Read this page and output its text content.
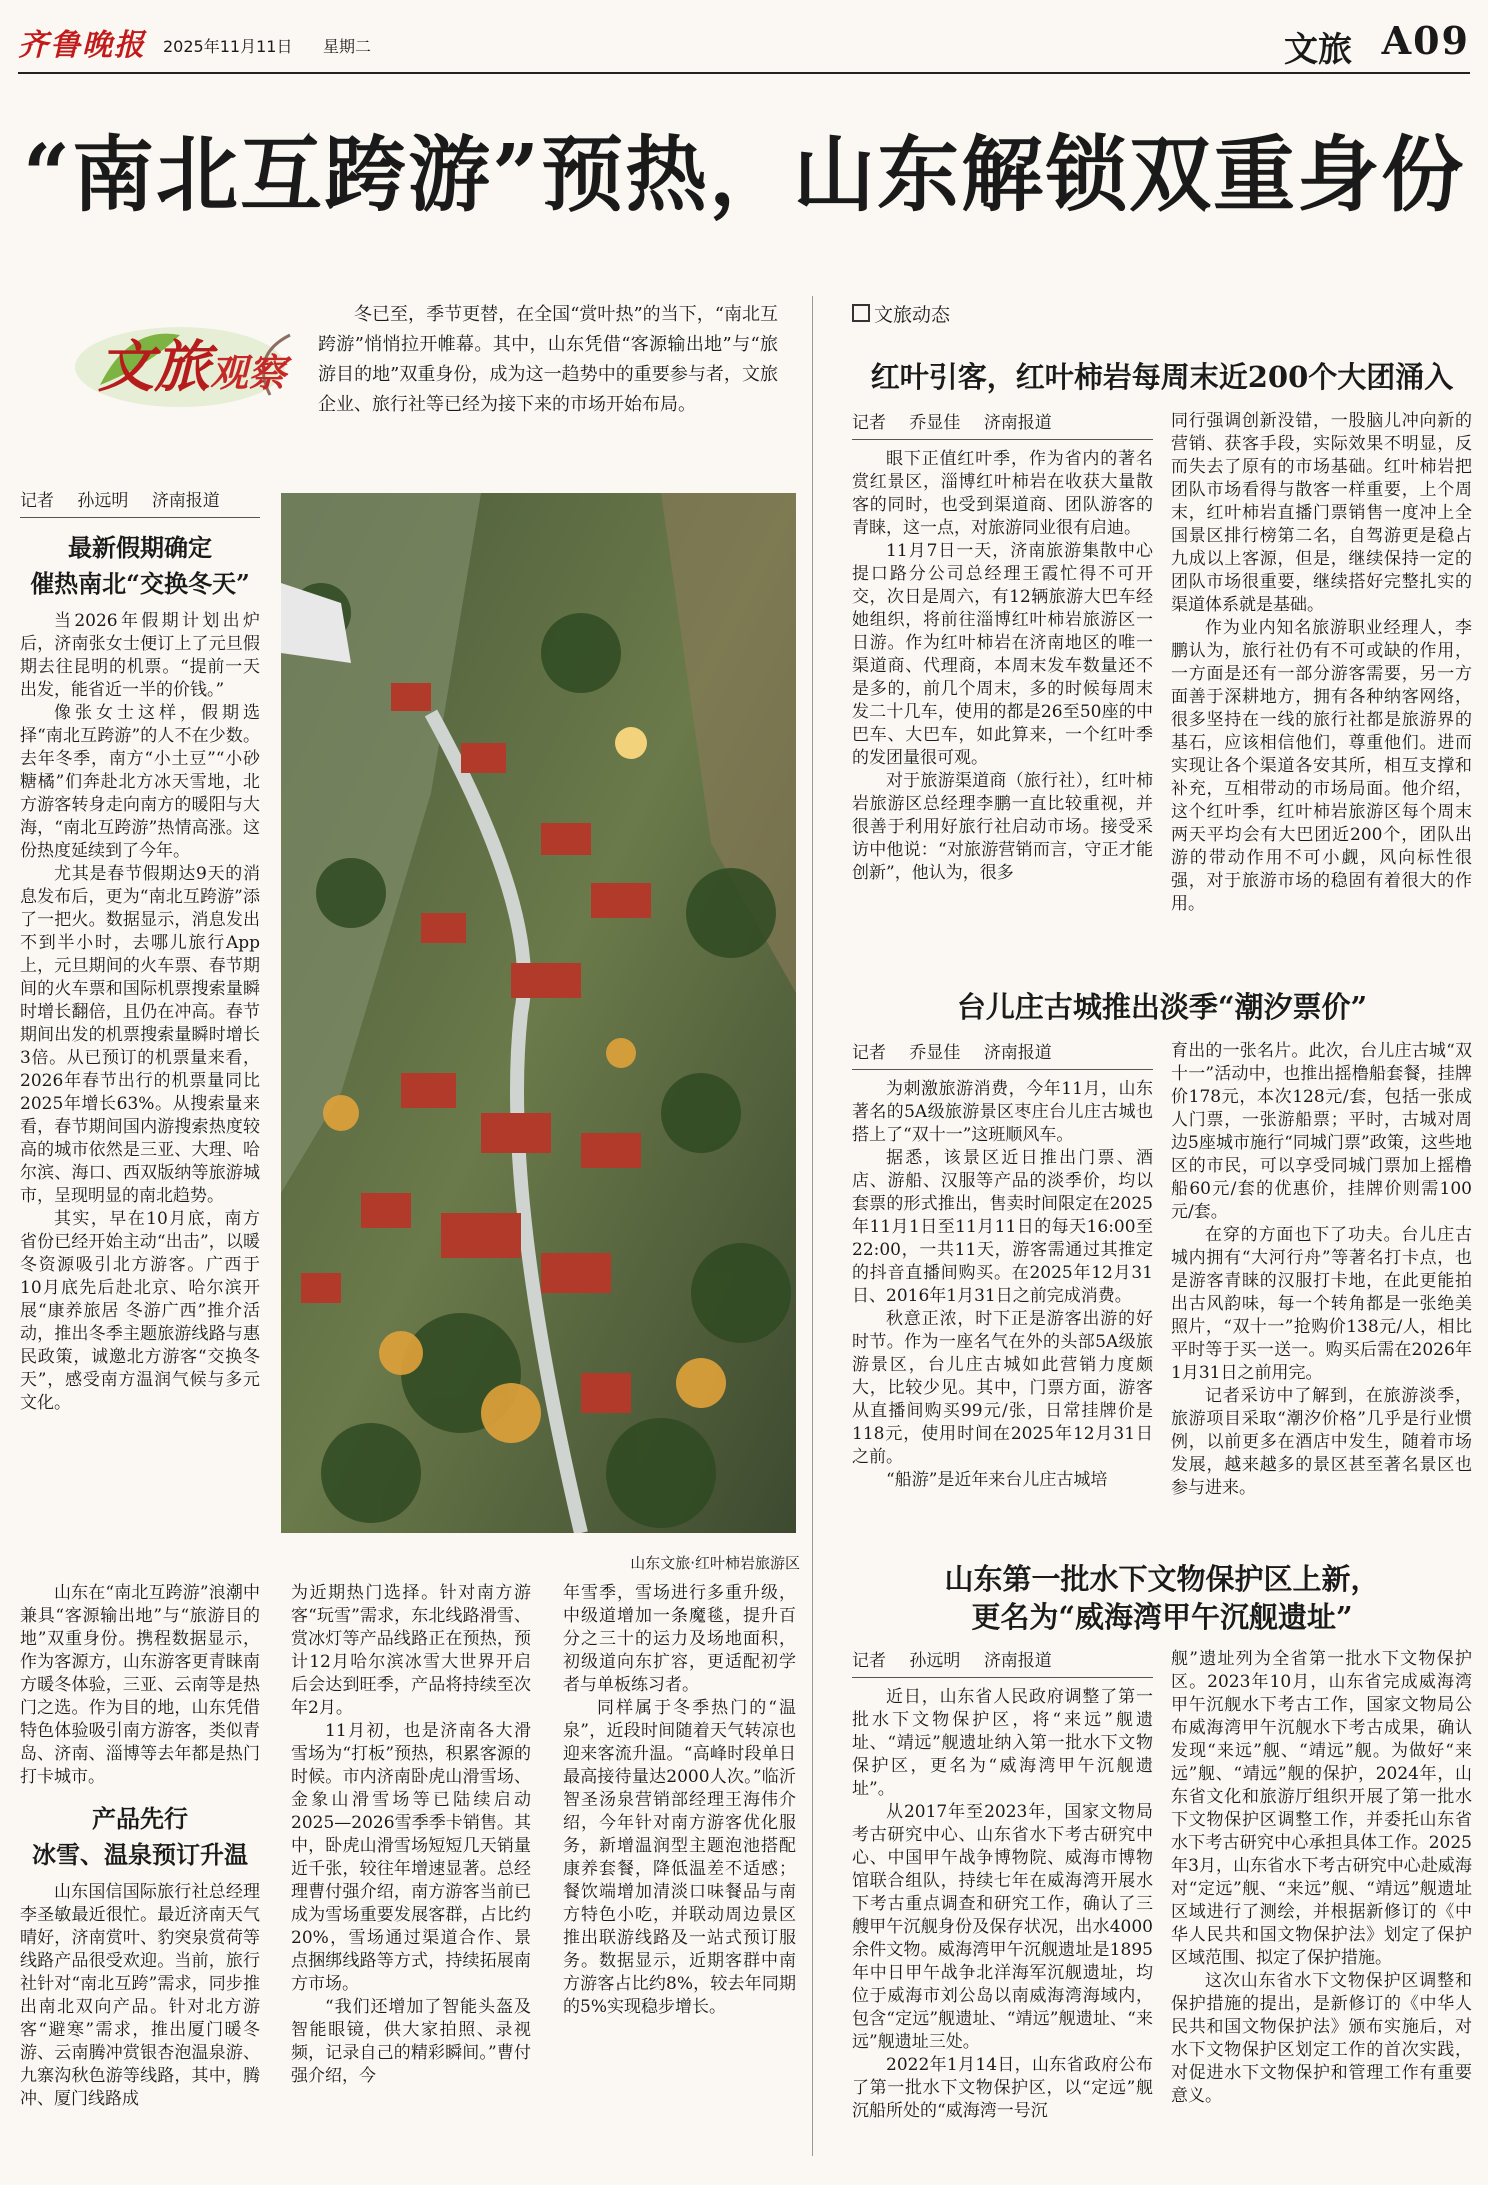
齐鲁晚报 2025年11月11日 星期二	文旅 A09
“南北互跨游”预热，山东解锁双重身份
文旅观察
冬已至，季节更替，在全国“赏叶热”的当下，“南北互跨游”悄悄拉开帷幕。其中，山东凭借“客源输出地”与“旅游目的地”双重身份，成为这一趋势中的重要参与者，文旅企业、旅行社等已经为接下来的市场开始布局。
记者 孙远明 济南报道
最新假期确定
催热南北“交换冬天”

当2026年假期计划出炉后，济南张女士便订上了元旦假期去往昆明的机票。“提前一天出发，能省近一半的价钱。”

像张女士这样，假期选择“南北互跨游”的人不在少数。去年冬季，南方“小土豆”“小砂糖橘”们奔赴北方冰天雪地，北方游客转身走向南方的暖阳与大海，“南北互跨游”热情高涨。这份热度延续到了今年。

尤其是春节假期达9天的消息发布后，更为“南北互跨游”添了一把火。数据显示，消息发出不到半小时，去哪儿旅行App上，元旦期间的火车票、春节期间的火车票和国际机票搜索量瞬时增长翻倍，且仍在冲高。春节期间出发的机票搜索量瞬时增长3倍。从已预订的机票量来看，2026年春节出行的机票量同比2025年增长63%。从搜索量来看，春节期间国内游搜索热度较高的城市依然是三亚、大理、哈尔滨、海口、西双版纳等旅游城市，呈现明显的南北趋势。

其实，早在10月底，南方省份已经开始主动“出击”，以暖冬资源吸引北方游客。广西于10月底先后赴北京、哈尔滨开展“康养旅居 冬游广西”推介活动，推出冬季主题旅游线路与惠民政策，诚邀北方游客“交换冬天”，感受南方温润气候与多元文化。

山东文旅·红叶柿岩旅游区

山东在“南北互跨游”浪潮中兼具“客源输出地”与“旅游目的地”双重身份。携程数据显示，作为客源方，山东游客更青睐南方暖冬体验，三亚、云南等是热门之选。作为目的地，山东凭借特色体验吸引南方游客，类似青岛、济南、淄博等去年都是热门打卡城市。

产品先行
冰雪、温泉预订升温

山东国信国际旅行社总经理李圣敏最近很忙。最近济南天气晴好，济南赏叶、豹突泉赏荷等线路产品很受欢迎。当前，旅行社针对“南北互跨”需求，同步推出南北双向产品。针对北方游客“避寒”需求，推出厦门暖冬游、云南腾冲赏银杏泡温泉游、九寨沟秋色游等线路，其中，腾冲、厦门线路成

为近期热门选择。针对南方游客“玩雪”需求，东北线路滑雪、赏冰灯等产品线路正在预热，预计12月哈尔滨冰雪大世界开启后会达到旺季，产品将持续至次年2月。

11月初，也是济南各大滑雪场为“打板”预热，积累客源的时候。市内济南卧虎山滑雪场、金象山滑雪场等已陆续启动2025—2026雪季季卡销售。其中，卧虎山滑雪场短短几天销量近千张，较往年增速显著。总经理曹付强介绍，南方游客当前已成为雪场重要发展客群，占比约20%，雪场通过渠道合作、景点捆绑线路等方式，持续拓展南方市场。

“我们还增加了智能头盔及智能眼镜，供大家拍照、录视频，记录自己的精彩瞬间。”曹付强介绍，今

年雪季，雪场进行多重升级，中级道增加一条魔毯，提升百分之三十的运力及场地面积，初级道向东扩容，更适配初学者与单板练习者。

同样属于冬季热门的“温泉”，近段时间随着天气转凉也迎来客流升温。“高峰时段单日最高接待量达2000人次。”临沂智圣汤泉营销部经理王海伟介绍，今年针对南方游客优化服务，新增温润型主题泡池搭配康养套餐，降低温差不适感；餐饮端增加清淡口味餐品与南方特色小吃，并联动周边景区推出联游线路及一站式预订服务。数据显示，近期客群中南方游客占比约8%，较去年同期的5%实现稳步增长。

文旅动态
红叶引客，红叶柿岩每周末近200个大团涌入
记者 乔显佳 济南报道

眼下正值红叶季，作为省内的著名赏红景区，淄博红叶柿岩在收获大量散客的同时，也受到渠道商、团队游客的青睐，这一点，对旅游同业很有启迪。

11月7日一天，济南旅游集散中心提口路分公司总经理王霞忙得不可开交，次日是周六，有12辆旅游大巴车经她组织，将前往淄博红叶柿岩旅游区一日游。作为红叶柿岩在济南地区的唯一渠道商、代理商，本周末发车数量还不是多的，前几个周末，多的时候每周末发二十几车，使用的都是26至50座的中巴车、大巴车，如此算来，一个红叶季的发团量很可观。

对于旅游渠道商（旅行社），红叶柿岩旅游区总经理李鹏一直比较重视，并很善于利用好旅行社启动市场。接受采访中他说：“对旅游营销而言，守正才能创新”，他认为，很多

同行强调创新没错，一股脑儿冲向新的营销、获客手段，实际效果不明显，反而失去了原有的市场基础。红叶柿岩把团队市场看得与散客一样重要，上个周末，红叶柿岩直播门票销售一度冲上全国景区排行榜第二名，自驾游更是稳占九成以上客源，但是，继续保持一定的团队市场很重要，继续搭好完整扎实的渠道体系就是基础。

作为业内知名旅游职业经理人，李鹏认为，旅行社仍有不可或缺的作用，一方面是还有一部分游客需要，另一方面善于深耕地方，拥有各种纳客网络，很多坚持在一线的旅行社都是旅游界的基石，应该相信他们，尊重他们。进而实现让各个渠道各安其所，相互支撑和补充，互相带动的市场局面。他介绍，这个红叶季，红叶柿岩旅游区每个周末两天平均会有大巴团近200个，团队出游的带动作用不可小觑，风向标性很强，对于旅游市场的稳固有着很大的作用。

台儿庄古城推出淡季“潮汐票价”
记者 乔显佳 济南报道

为刺激旅游消费，今年11月，山东著名的5A级旅游景区枣庄台儿庄古城也搭上了“双十一”这班顺风车。

据悉，该景区近日推出门票、酒店、游船、汉服等产品的淡季价，均以套票的形式推出，售卖时间限定在2025年11月1日至11月11日的每天16:00至22:00，一共11天，游客需通过其推定的抖音直播间购买。在2025年12月31日、2016年1月31日之前完成消费。

秋意正浓，时下正是游客出游的好时节。作为一座名气在外的头部5A级旅游景区，台儿庄古城如此营销力度颇大，比较少见。其中，门票方面，游客从直播间购买99元/张，日常挂牌价是118元，使用时间在2025年12月31日之前。

“船游”是近年来台儿庄古城培

育出的一张名片。此次，台儿庄古城“双十一”活动中，也推出摇橹船套餐，挂牌价178元，本次128元/套，包括一张成人门票，一张游船票；平时，古城对周边5座城市施行“同城门票”政策，这些地区的市民，可以享受同城门票加上摇橹船60元/套的优惠价，挂牌价则需100元/套。

在穿的方面也下了功夫。台儿庄古城内拥有“大河行舟”等著名打卡点，也是游客青睐的汉服打卡地，在此更能拍出古风韵味，每一个转角都是一张绝美照片，“双十一”抢购价138元/人，相比平时等于买一送一。购买后需在2026年1月31日之前用完。

记者采访中了解到，在旅游淡季，旅游项目采取“潮汐价格”几乎是行业惯例，以前更多在酒店中发生，随着市场发展，越来越多的景区甚至著名景区也参与进来。

山东第一批水下文物保护区上新，
更名为“威海湾甲午沉舰遗址”
记者 孙远明 济南报道

近日，山东省人民政府调整了第一批水下文物保护区，将“来远”舰遗址、“靖远”舰遗址纳入第一批水下文物保护区，更名为“威海湾甲午沉舰遗址”。

从2017年至2023年，国家文物局考古研究中心、山东省水下考古研究中心、中国甲午战争博物院、威海市博物馆联合组队，持续七年在威海湾开展水下考古重点调查和研究工作，确认了三艘甲午沉舰身份及保存状况，出水4000余件文物。威海湾甲午沉舰遗址是1895年中日甲午战争北洋海军沉舰遗址，均位于威海市刘公岛以南威海湾海域内，包含“定远”舰遗址、“靖远”舰遗址、“来远”舰遗址三处。

2022年1月14日，山东省政府公布了第一批水下文物保护区，以“定远”舰沉船所处的“威海湾一号沉

舰”遗址列为全省第一批水下文物保护区。2023年10月，山东省完成威海湾甲午沉舰水下考古工作，国家文物局公布威海湾甲午沉舰水下考古成果，确认发现“来远”舰、“靖远”舰。为做好“来远”舰、“靖远”舰的保护，2024年，山东省文化和旅游厅组织开展了第一批水下文物保护区调整工作，并委托山东省水下考古研究中心承担具体工作。2025年3月，山东省水下考古研究中心赴威海对“定远”舰、“来远”舰、“靖远”舰遗址区域进行了测绘，并根据新修订的《中华人民共和国文物保护法》划定了保护区域范围、拟定了保护措施。

这次山东省水下文物保护区调整和保护措施的提出，是新修订的《中华人民共和国文物保护法》颁布实施后，对水下文物保护区划定工作的首次实践，对促进水下文物保护和管理工作有重要意义。
